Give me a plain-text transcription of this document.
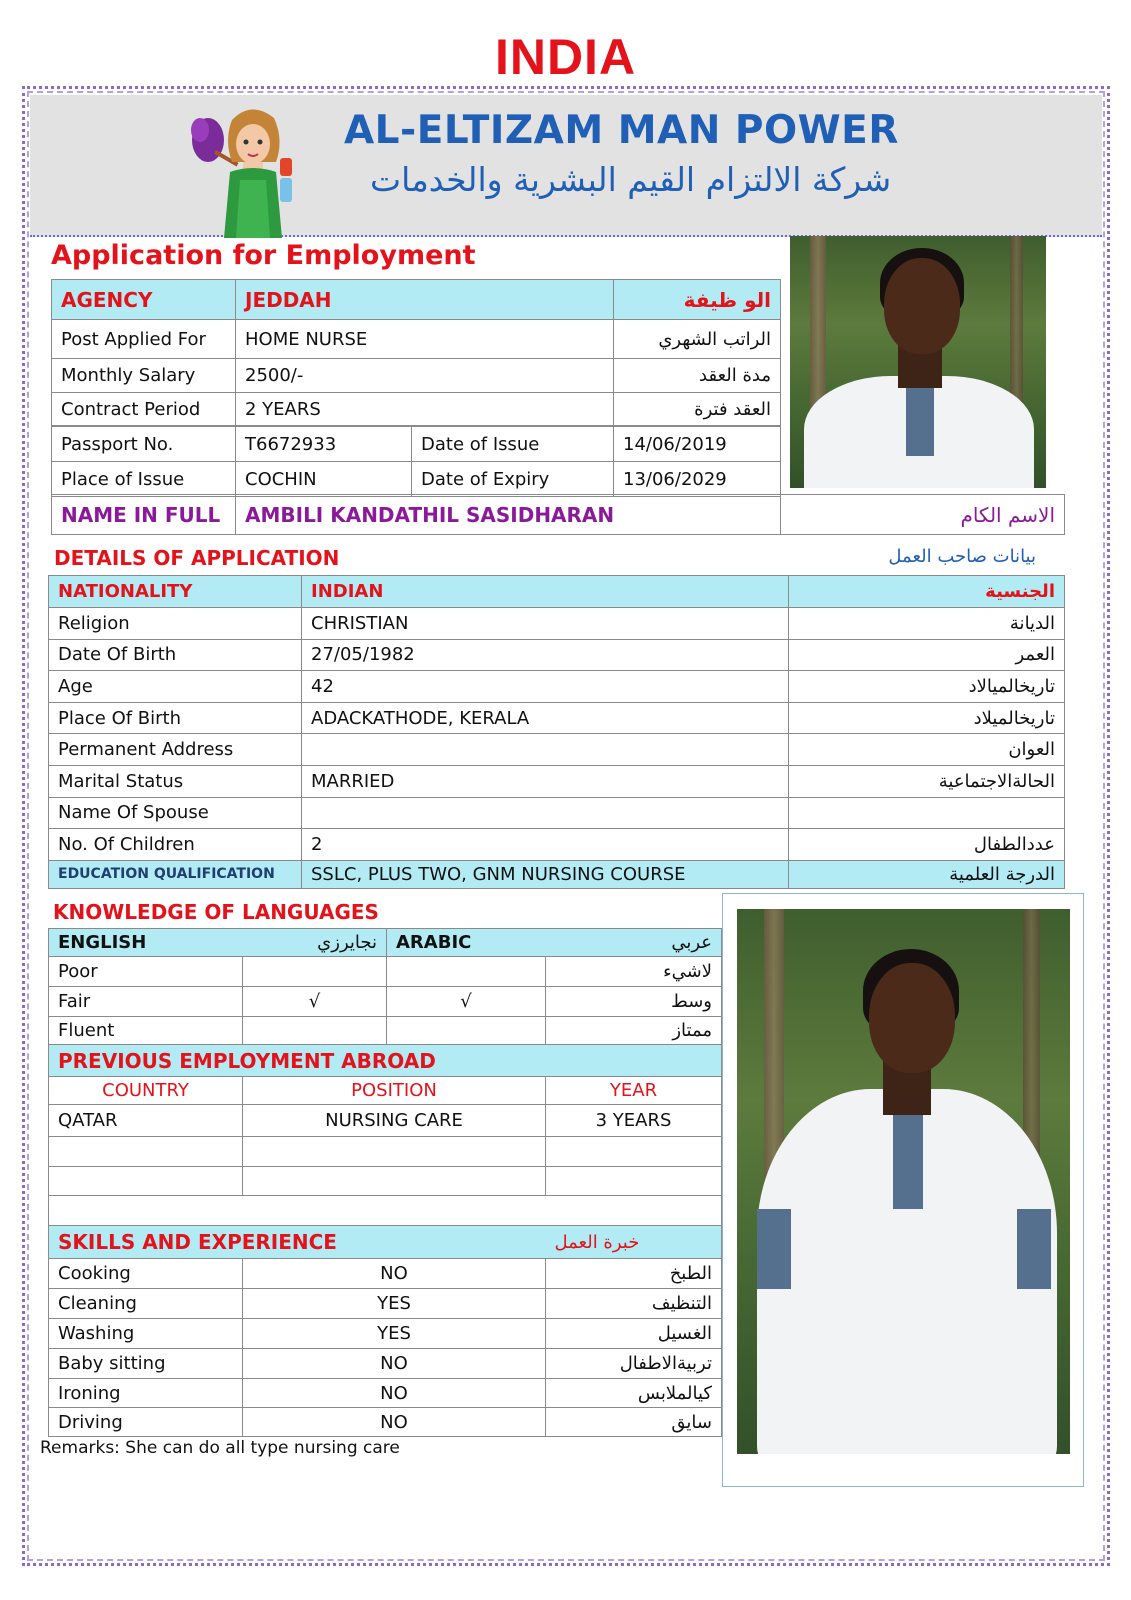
INDIA
AL-ELTIZAM MAN POWER
شركة الالتزام القيم البشرية والخدمات
Application for Employment
AGENCY	JEDDAH	الو ظيفة
Post Applied For	HOME NURSE	الراتب الشهري
Monthly Salary	2500/-	مدة العقد
Contract Period	2 YEARS	العقد فترة
Passport No.	T6672933	Date of Issue	14/06/2019
Place of Issue	COCHIN	Date of Expiry	13/06/2029
NAME IN FULL	AMBILI KANDATHIL SASIDHARAN	الاسم الكام
DETAILS OF APPLICATION	بيانات صاحب العمل
NATIONALITY	INDIAN	الجنسية
Religion	CHRISTIAN	الديانة
Date Of Birth	27/05/1982	العمر
Age	42	تاريخالميالاد
Place Of Birth	ADACKATHODE, KERALA	تاريخالميلاد
Permanent Address		العوان
Marital Status	MARRIED	الحالةالاجتماعية
Name Of Spouse		
No. Of Children	2	عددالطفال
EDUCATION QUALIFICATION	SSLC, PLUS TWO, GNM NURSING COURSE	الدرجة العلمية
KNOWLEDGE OF LANGUAGES
ENGLISH	نجايرزي	ARABIC	عربي
Poor			لاشيء
Fair	√	√	وسط
Fluent			ممتاز
PREVIOUS EMPLOYMENT ABROAD		
COUNTRY	POSITION	YEAR
QATAR	NURSING CARE	3 YEARS

SKILLS AND EXPERIENCE		خبرة العمل
Cooking	NO	الطبخ
Cleaning	YES	التنظيف
Washing	YES	الغسيل
Baby sitting	NO	تربيةالاطفال
Ironing	NO	كيالملابس
Driving	NO	سايق
Remarks: She can do all type nursing care
